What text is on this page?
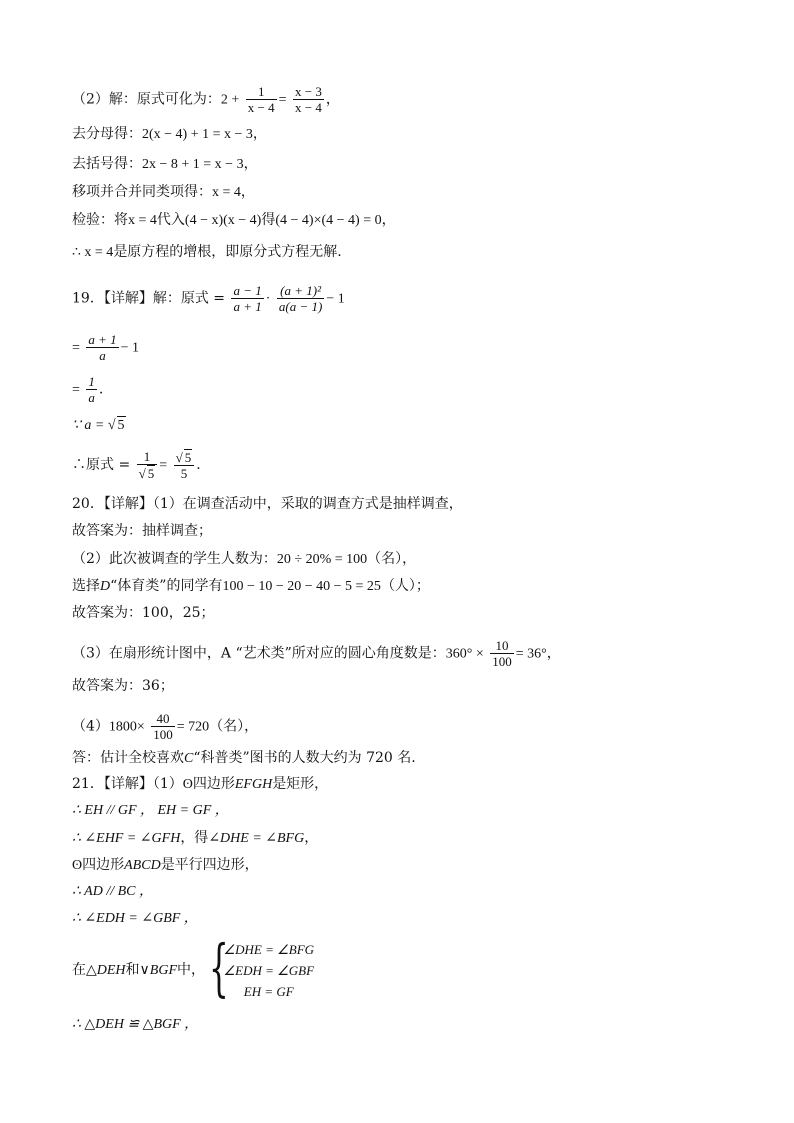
（2）解：原式可化为：$2 + \frac{1}{x - 4} = \frac{x - 3}{x - 4}$ ，
去分母得：2(x − 4) + 1 = x − 3，
去括号得：2x − 8 + 1 = x − 3，
移项并合并同类项得：x = 4，
检验：将x = 4代入(4 − x)(x − 4)得(4 − 4)×(4 − 4) = 0，
∴ x = 4是原方程的增根，即原分式方程无解.
19．【详解】解：原式 = $\frac{a - 1}{a + 1} \cdot \frac{\text{(a + 1)²}}{a(a - 1)} - 1$
= $\frac{a + 1}{a} - 1$
= $\frac{1}{a}$ .
∵ a = √ 5
∴原式 = $\frac{1}{√ 5} = \frac{√ 5}{5}$ .
20．【详解】（1）在调查活动中，采取的调查方式是抽样调查，
故答案为：抽样调查；
（2）此次被调查的学生人数为：20 ÷ 20% = 100（名），
选择D“体育类”的同学有100 − 10 − 20 − 40 − 5 = 25（人）；
故答案为：100，25；
（3）在扇形统计图中，A “艺术类”所对应的圆心角度数是：$360^\circ \times \frac{10}{100} = 36^\circ$，
故答案为：36；
$(4)1800\times \frac{40}{100} = 720$（名），
答：估计全校喜欢C“科普类”图书的人数大约为 720 名.
21．【详解】（1）ʘ四边形EFGH是矩形，
∴ EH // GF ， EH = GF ，
∴ ∠EHF = ∠GFH，得∠DHE = ∠BFG，
ʘ四边形ABCD是平行四边形，
∴ AD // BC ，
∴ ∠EDH = ∠GBF ，
在△DEH和∨BGF中， {
∠DHE = ∠BFG
∠EDH = ∠GBF
EH = GF
∴ △DEH ≌ △BGF ，
